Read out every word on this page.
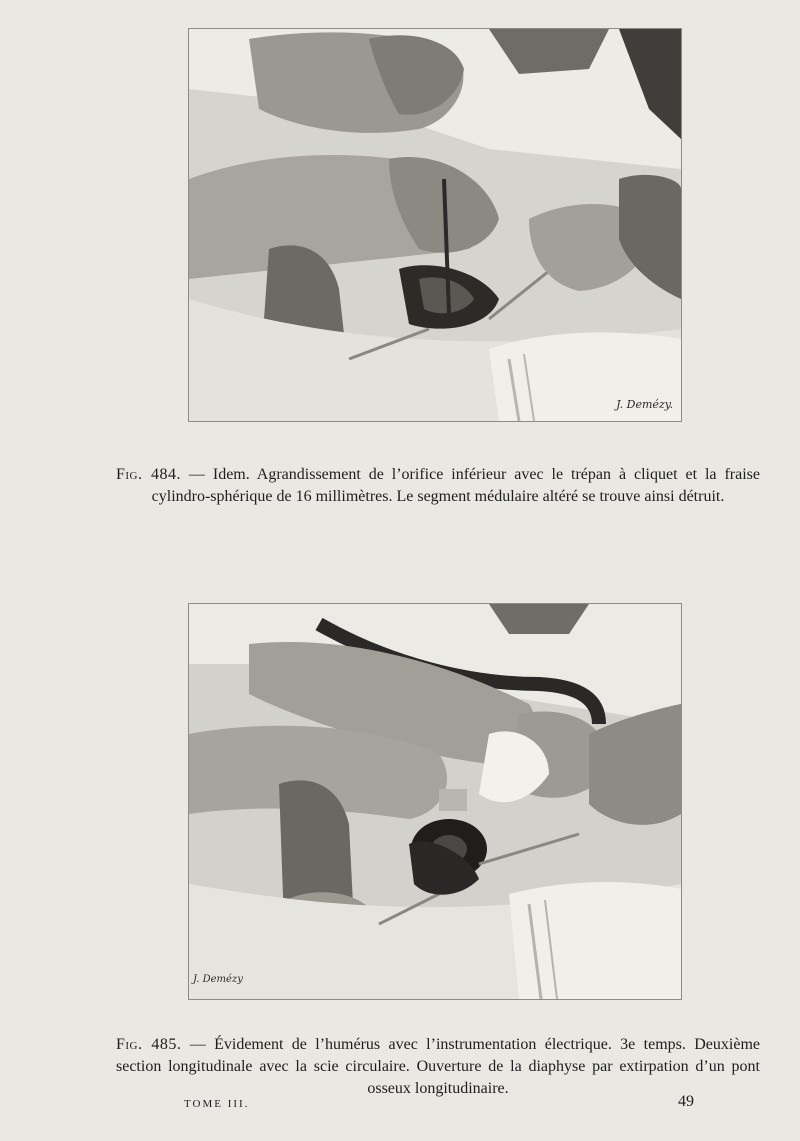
J. Demézy.

Fig. 484. — Idem. Agrandissement de l’orifice inférieur avec le trépan à cliquet et la fraise cylindro-sphérique de 16 millimètres. Le segment médulaire altéré se trouve ainsi détruit.

J. Demézy

Fig. 485. — Évidement de l’humérus avec l’instrumentation électrique. 3e temps. Deuxième section longitudinale avec la scie circulaire. Ouverture de la diaphyse par extirpation d’un pont osseux longitudinaire.

TOME III.	49
